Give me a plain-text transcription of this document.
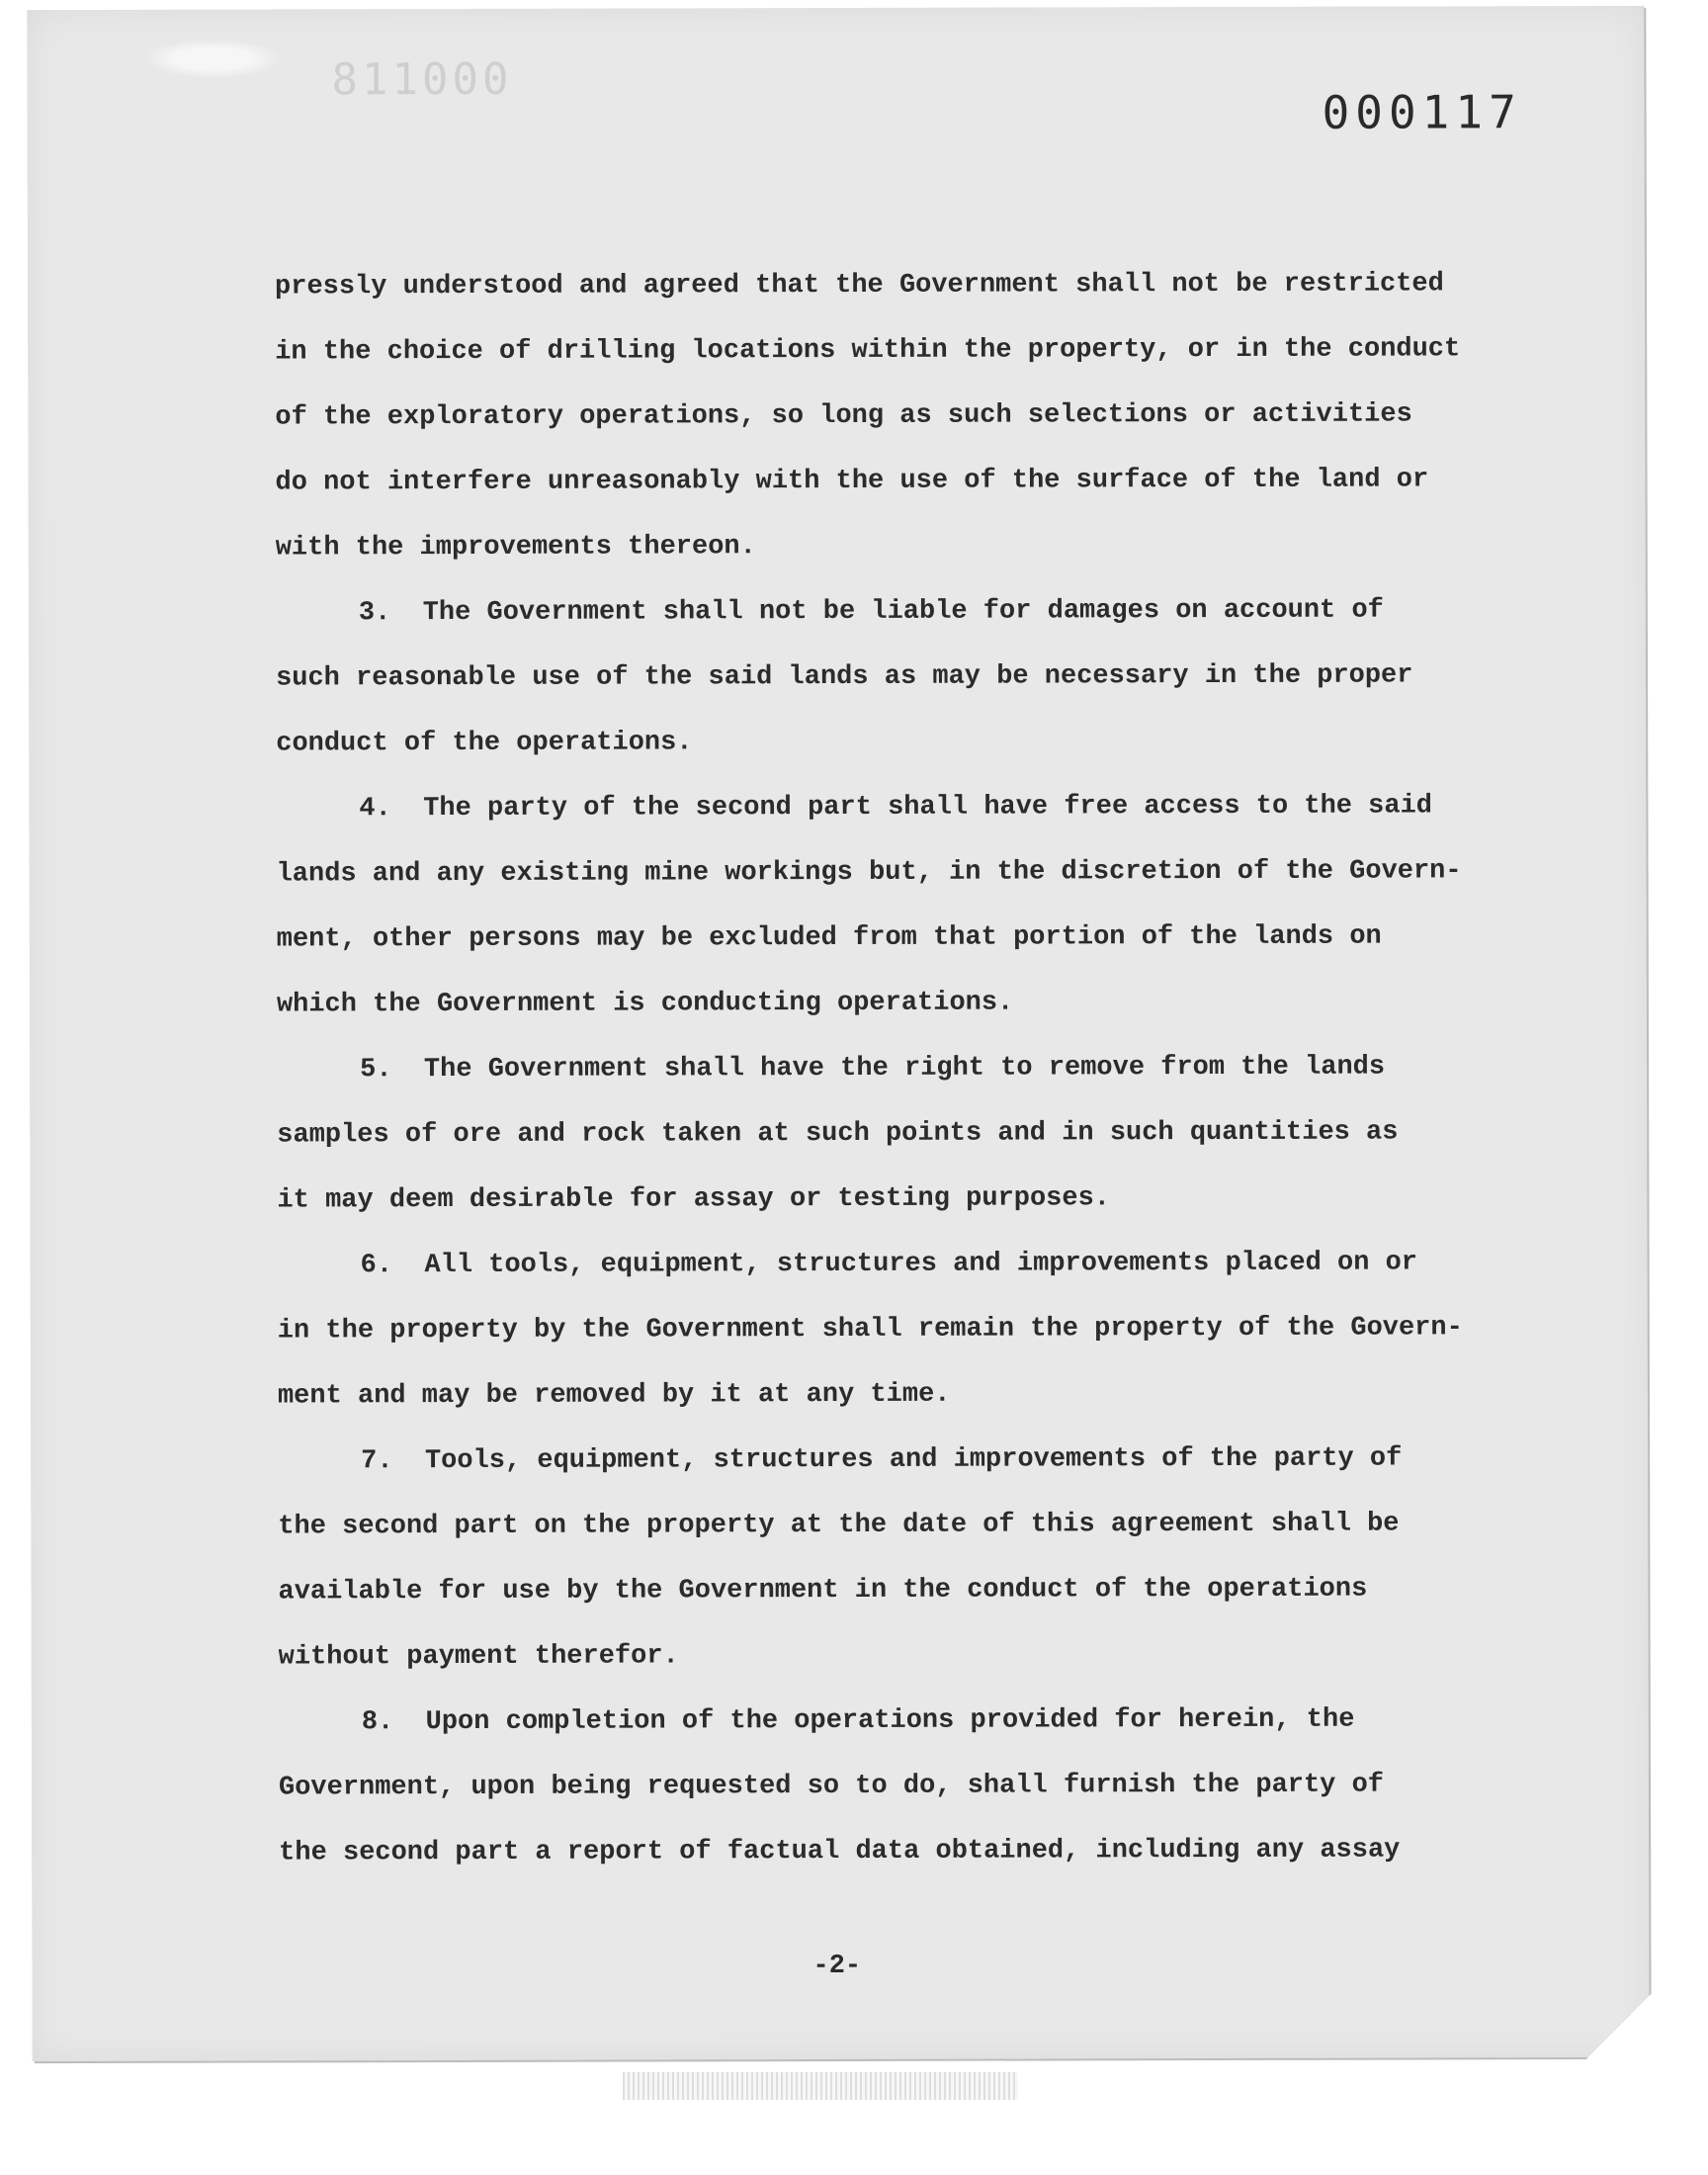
811000
000117
pressly understood and agreed that the Government shall not be restricted
in the choice of drilling locations within the property, or in the conduct
of the exploratory operations, so long as such selections or activities
do not interfere unreasonably with the use of the surface of the land or
with the improvements thereon.
3.  The Government shall not be liable for damages on account of
such reasonable use of the said lands as may be necessary in the proper
conduct of the operations.
4.  The party of the second part shall have free access to the said
lands and any existing mine workings but, in the discretion of the Govern-
ment, other persons may be excluded from that portion of the lands on
which the Government is conducting operations.
5.  The Government shall have the right to remove from the lands
samples of ore and rock taken at such points and in such quantities as
it may deem desirable for assay or testing purposes.
6.  All tools, equipment, structures and improvements placed on or
in the property by the Government shall remain the property of the Govern-
ment and may be removed by it at any time.
7.  Tools, equipment, structures and improvements of the party of
the second part on the property at the date of this agreement shall be
available for use by the Government in the conduct of the operations
without payment therefor.
8.  Upon completion of the operations provided for herein, the
Government, upon being requested so to do, shall furnish the party of
the second part a report of factual data obtained, including any assay
-2-
